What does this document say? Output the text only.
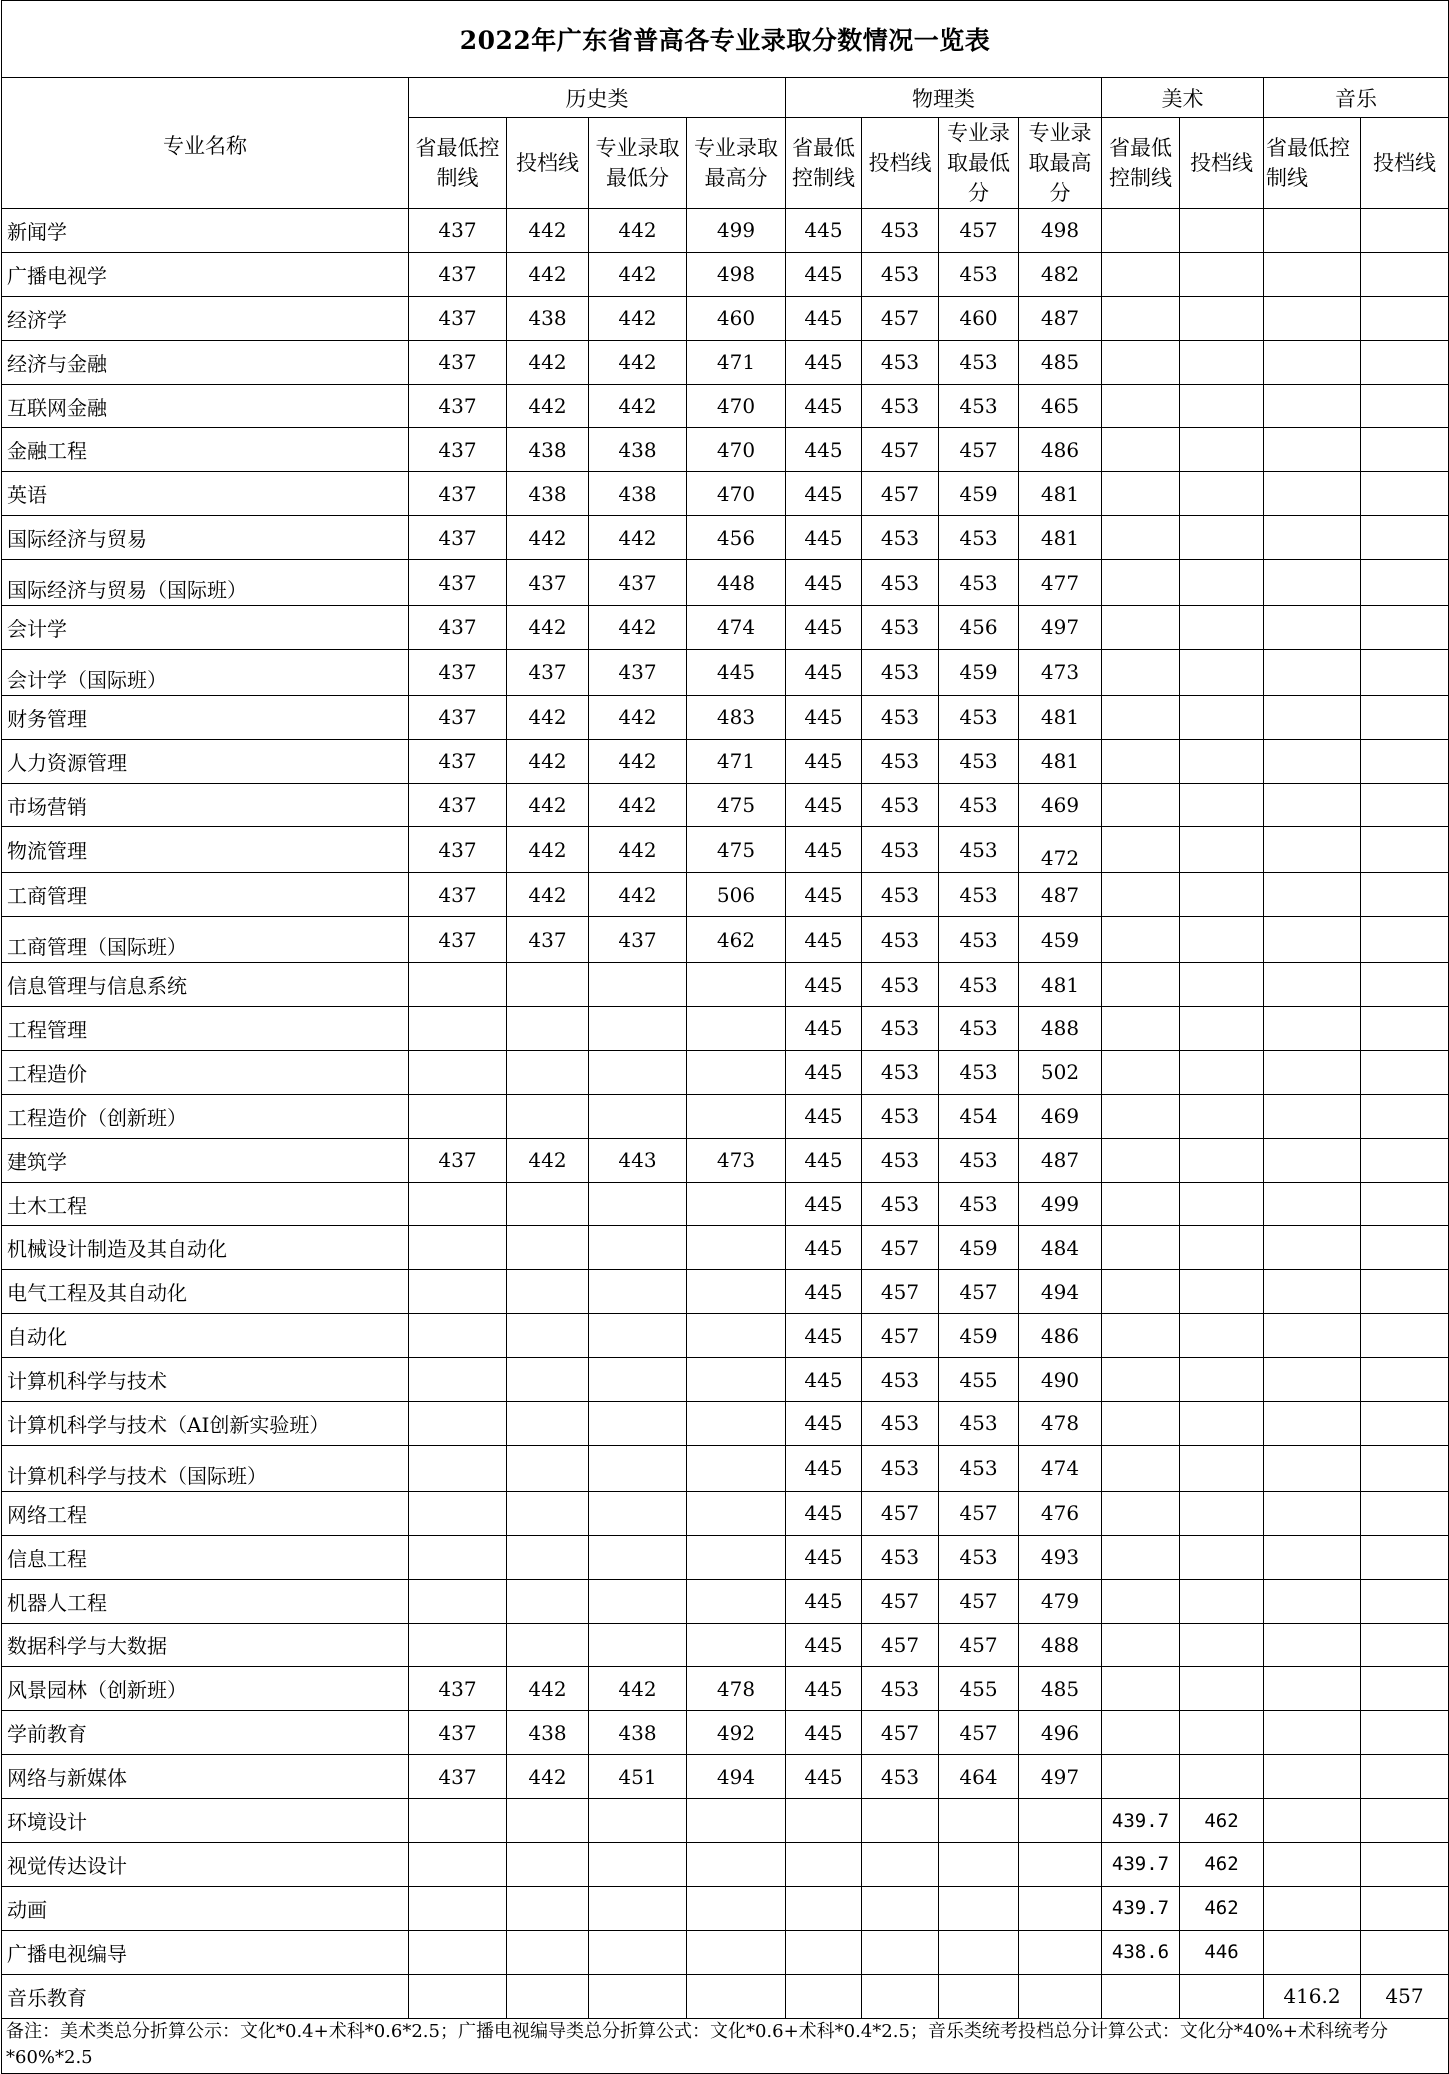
2022年广东省普高各专业录取分数情况一览表												
专业名称	历史类				物理类				美术		音乐	
	省最低控制线	投档线	专业录取最低分	专业录取最高分	省最低控制线	投档线	专业录取最低分	专业录取最高分	省最低控制线	投档线	省最低控制线	投档线
新闻学	437	442	442	499	445	453	457	498				
广播电视学	437	442	442	498	445	453	453	482				
经济学	437	438	442	460	445	457	460	487				
经济与金融	437	442	442	471	445	453	453	485				
互联网金融	437	442	442	470	445	453	453	465				
金融工程	437	438	438	470	445	457	457	486				
英语	437	438	438	470	445	457	459	481				
国际经济与贸易	437	442	442	456	445	453	453	481				
国际经济与贸易（国际班）	437	437	437	448	445	453	453	477				
会计学	437	442	442	474	445	453	456	497				
会计学（国际班）	437	437	437	445	445	453	459	473				
财务管理	437	442	442	483	445	453	453	481				
人力资源管理	437	442	442	471	445	453	453	481				
市场营销	437	442	442	475	445	453	453	469				
物流管理	437	442	442	475	445	453	453	472				
工商管理	437	442	442	506	445	453	453	487				
工商管理（国际班）	437	437	437	462	445	453	453	459				
信息管理与信息系统					445	453	453	481				
工程管理					445	453	453	488				
工程造价					445	453	453	502				
工程造价（创新班）					445	453	454	469				
建筑学	437	442	443	473	445	453	453	487				
土木工程					445	453	453	499				
机械设计制造及其自动化					445	457	459	484				
电气工程及其自动化					445	457	457	494				
自动化					445	457	459	486				
计算机科学与技术					445	453	455	490				
计算机科学与技术（AI创新实验班）					445	453	453	478				
计算机科学与技术（国际班）					445	453	453	474				
网络工程					445	457	457	476				
信息工程					445	453	453	493				
机器人工程					445	457	457	479				
数据科学与大数据					445	457	457	488				
风景园林（创新班）	437	442	442	478	445	453	455	485				
学前教育	437	438	438	492	445	457	457	496				
网络与新媒体	437	442	451	494	445	453	464	497				
环境设计									439.7	462		
视觉传达设计									439.7	462		
动画									439.7	462		
广播电视编导									438.6	446		
音乐教育											416.2	457
备注：美术类总分折算公示：文化*0.4+术科*0.6*2.5；广播电视编导类总分折算公式：文化*0.6+术科*0.4*2.5；音乐类统考投档总分计算公式：文化分*40%+术科统考分*60%*2.5												
